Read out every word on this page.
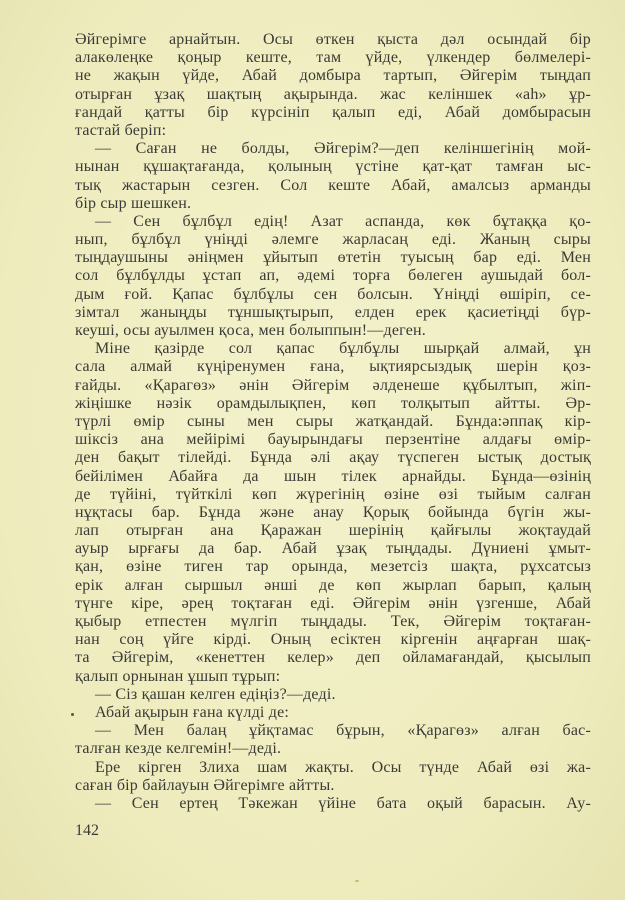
Әйгерімге арнайтын. Осы өткен қыста дәл осындай бір
алакөлеңке қоңыр кеште, там үйде, үлкендер бөлмелері-
не жақын үйде, Абай домбыра тартып, Әйгерім тыңдап
отырған ұзақ шақтың ақырында. жас келіншек «аһ» ұр-
ғандай қатты бір күрсініп қалып еді, Абай домбырасын
тастай беріп:
— Саған не болды, Әйгерім?—деп келіншегінің мой-
нынан құшақтағанда, қолының үстіне қат-қат тамған ыс-
тық жастарын сезген. Сол кеште Абай, амалсыз арманды
бір сыр шешкен.
— Сен бұлбұл едің! Азат аспанда, көк бұтаққа қо-
нып, бұлбұл үніңді әлемге жарласаң еді. Жаның сыры
тыңдаушыны әніңмен ұйытып өтетін туысың бар еді. Мен
сол бұлбұлды ұстап ап, әдемі торға бөлеген аушыдай бол-
дым ғой. Қапас бұлбұлы сен болсын. Үніңді өшіріп, се-
зімтал жаныңды тұншықтырып, елден ерек қасиетіңді бүр-
кеуші, осы ауылмен қоса, мен болыппын!—деген.
Міне қазірде сол қапас бұлбұлы шырқай алмай, ұн
сала алмай күңіренумен ғана, ықтиярсыздық шерін қоз-
ғайды. «Қарагөз» әнін Әйгерім әлденеше құбылтып, жіп-
жіңішке нәзік орамдылықпен, көп толқытып айтты. Әр-
түрлі өмір сыны мен сыры жатқандай. Бұнда:әппақ кір-
шіксіз ана мейірімі бауырындағы перзентіне алдағы өмір-
ден бақыт тілейді. Бұнда әлі ақау түспеген ыстық достық
бейілімен Абайға да шын тілек арнайды. Бұнда—өзінің
де түйіні, түйткілі көп жүрегінің өзіне өзі тыйым салған
нұқтасы бар. Бұнда және анау Қорық бойында бүгін жы-
лап отырған ана Қаражан шерінің қайғылы жоқтаудай
ауыр ырғағы да бар. Абай ұзақ тыңдады. Дүниені ұмыт-
қан, өзіне тиген тар орында, мезетсіз шақта, рұхсатсыз
ерік алған сыршыл әнші де көп жырлап барып, қалың
түнге кіре, әрең тоқтаған еді. Әйгерім әнін үзгенше, Абай
қыбыр етпестен мүлгіп тыңдады. Тек, Әйгерім тоқтаған-
нан соң үйге кірді. Оның есіктен кіргенін аңғарған шақ-
та Әйгерім, «кенеттен келер» деп ойламағандай, қысылып
қалып орнынан ұшып тұрып:
— Сіз қашан келген едіңіз?—деді.
Абай ақырын ғана күлді де:
— Мен балаң ұйқтамас бұрын, «Қарагөз» алған бас-
талған кезде келгемін!—деді.
Ере кірген Злиха шам жақты. Осы түнде Абай өзі жа-
саған бір байлауын Әйгерімге айтты.
— Сен ертең Тәкежан үйіне бата оқый барасын. Ау-
142
